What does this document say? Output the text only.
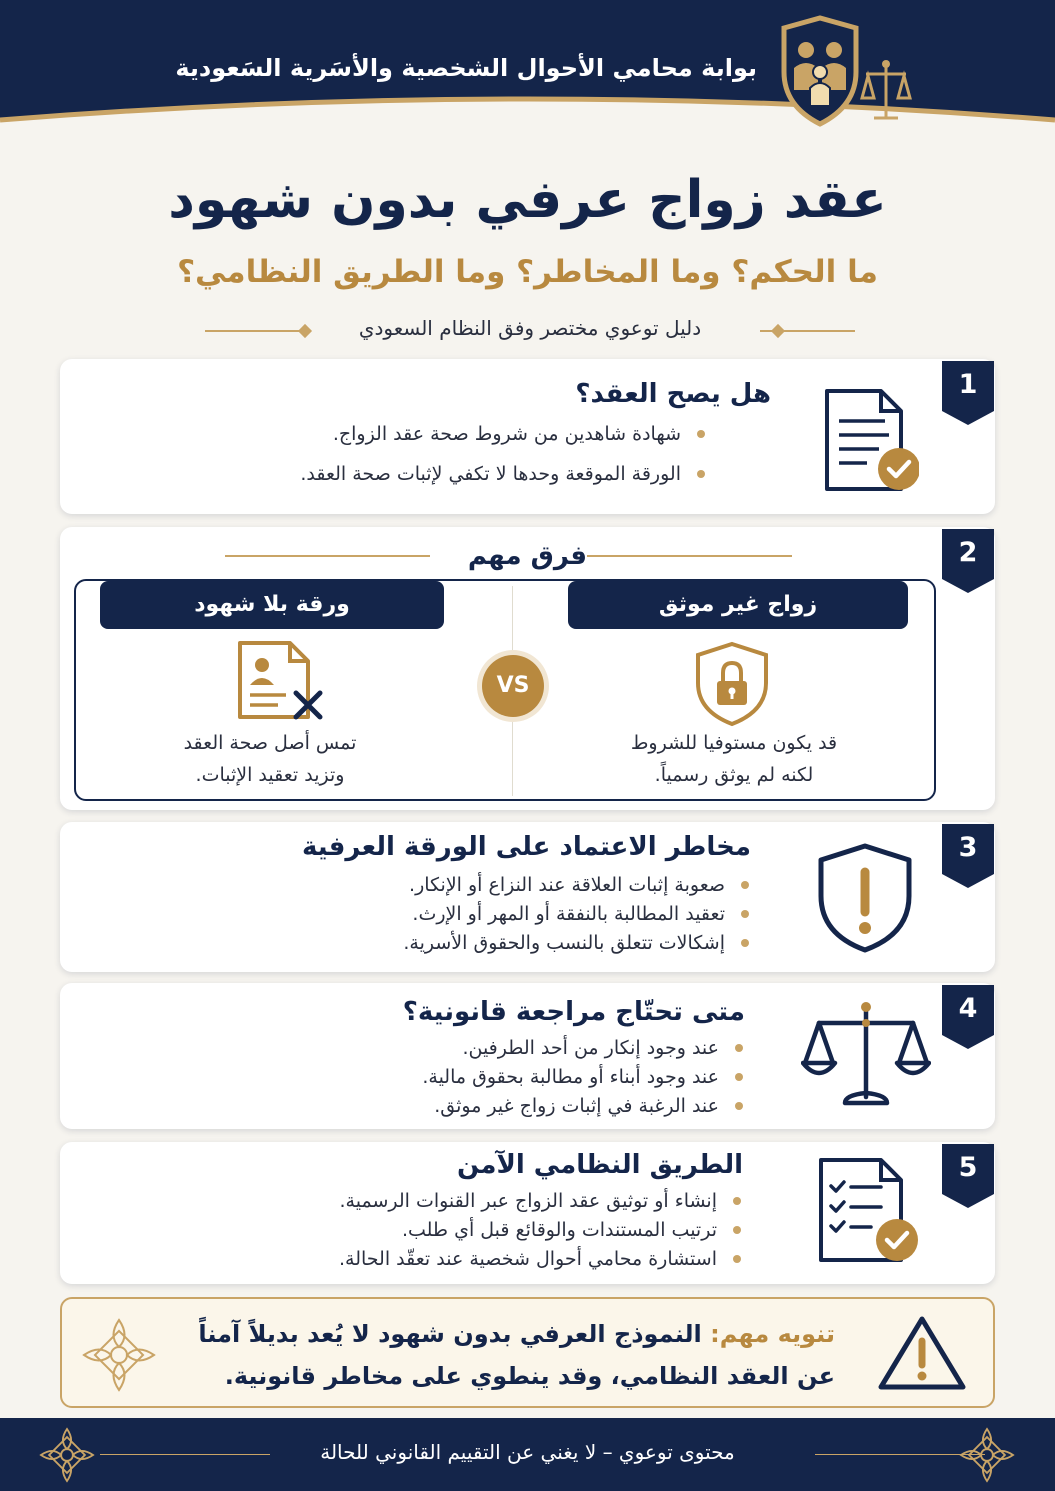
بوابة محامي الأحوال الشخصية والأسَرية السَعودية
عقد زواج عرفي بدون شهود
ما الحكم؟ وما المخاطر؟ وما الطريق النظامي؟
دليل توعوي مختصر وفق النظام السعودي
1
هل يصح العقد؟
شهادة شاهدين من شروط صحة عقد الزواج.
الورقة الموقعة وحدها لا تكفي لإثبات صحة العقد.
2
فرق مهم
زواج غير موثق
ورقة بلا شهود
VS
قد يكون مستوفيا للشروط
لكنه لم يوثق رسمياً.
تمس أصل صحة العقد
وتزيد تعقيد الإثبات.
3
مخاطر الاعتماد على الورقة العرفية
صعوبة إثبات العلاقة عند النزاع أو الإنكار.
تعقيد المطالبة بالنفقة أو المهر أو الإرث.
إشكالات تتعلق بالنسب والحقوق الأسرية.
4
متى تحتّاج مراجعة قانونية؟
عند وجود إنكار من أحد الطرفين.
عند وجود أبناء أو مطالبة بحقوق مالية.
عند الرغبة في إثبات زواج غير موثق.
5
الطريق النظامي الآمن
إنشاء أو توثيق عقد الزواج عبر القنوات الرسمية.
ترتيب المستندات والوقائع قبل أي طلب.
استشارة محامي أحوال شخصية عند تعقّد الحالة.
تنويه مهم: النموذج العرفي بدون شهود لا يُعد بديلاً آمناً
عن العقد النظامي، وقد ينطوي على مخاطر قانونية.
محتوى توعوي – لا يغني عن التقييم القانوني للحالة
